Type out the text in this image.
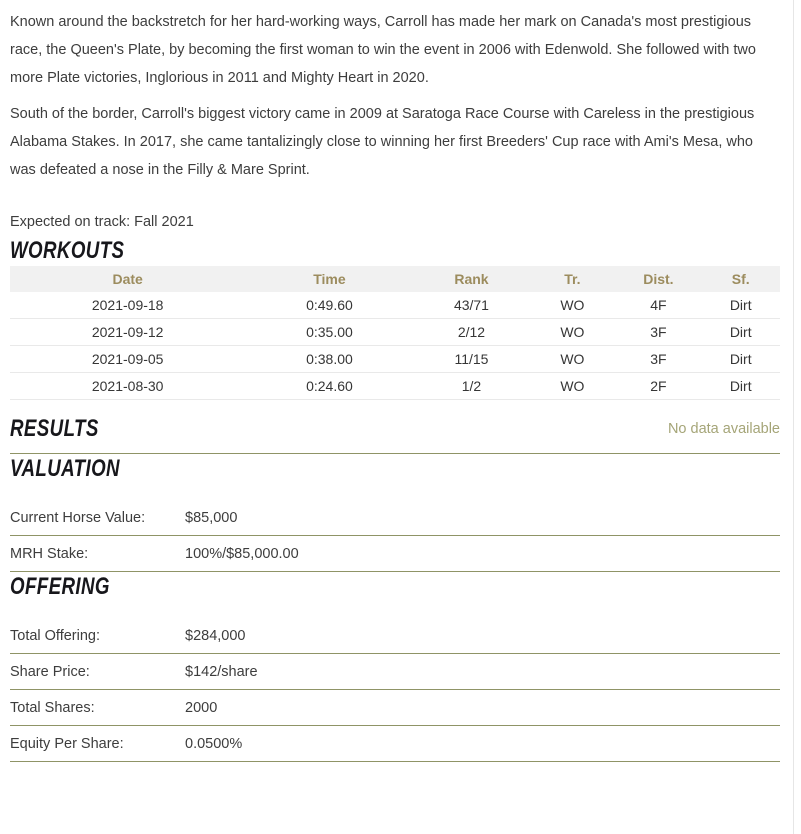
Known around the backstretch for her hard-working ways, Carroll has made her mark on Canada's most prestigious race, the Queen's Plate, by becoming the first woman to win the event in 2006 with Edenwold. She followed with two more Plate victories, Inglorious in 2011 and Mighty Heart in 2020.

South of the border, Carroll's biggest victory came in 2009 at Saratoga Race Course with Careless in the prestigious Alabama Stakes. In 2017, she came tantalizingly close to winning her first Breeders' Cup race with Ami's Mesa, who was defeated a nose in the Filly & Mare Sprint.

Expected on track: Fall 2021

WORKOUTS
Date	Time	Rank	Tr.	Dist.	Sf.
2021-09-18	0:49.60	43/71	WO	4F	Dirt
2021-09-12	0:35.00	2/12	WO	3F	Dirt
2021-09-05	0:38.00	11/15	WO	3F	Dirt
2021-08-30	0:24.60	1/2	WO	2F	Dirt
RESULTS	No data available
VALUATION
Current Horse Value:	$85,000
MRH Stake:	100%/$85,000.00
OFFERING
Total Offering:	$284,000
Share Price:	$142/share
Total Shares:	2000
Equity Per Share:	0.0500%
